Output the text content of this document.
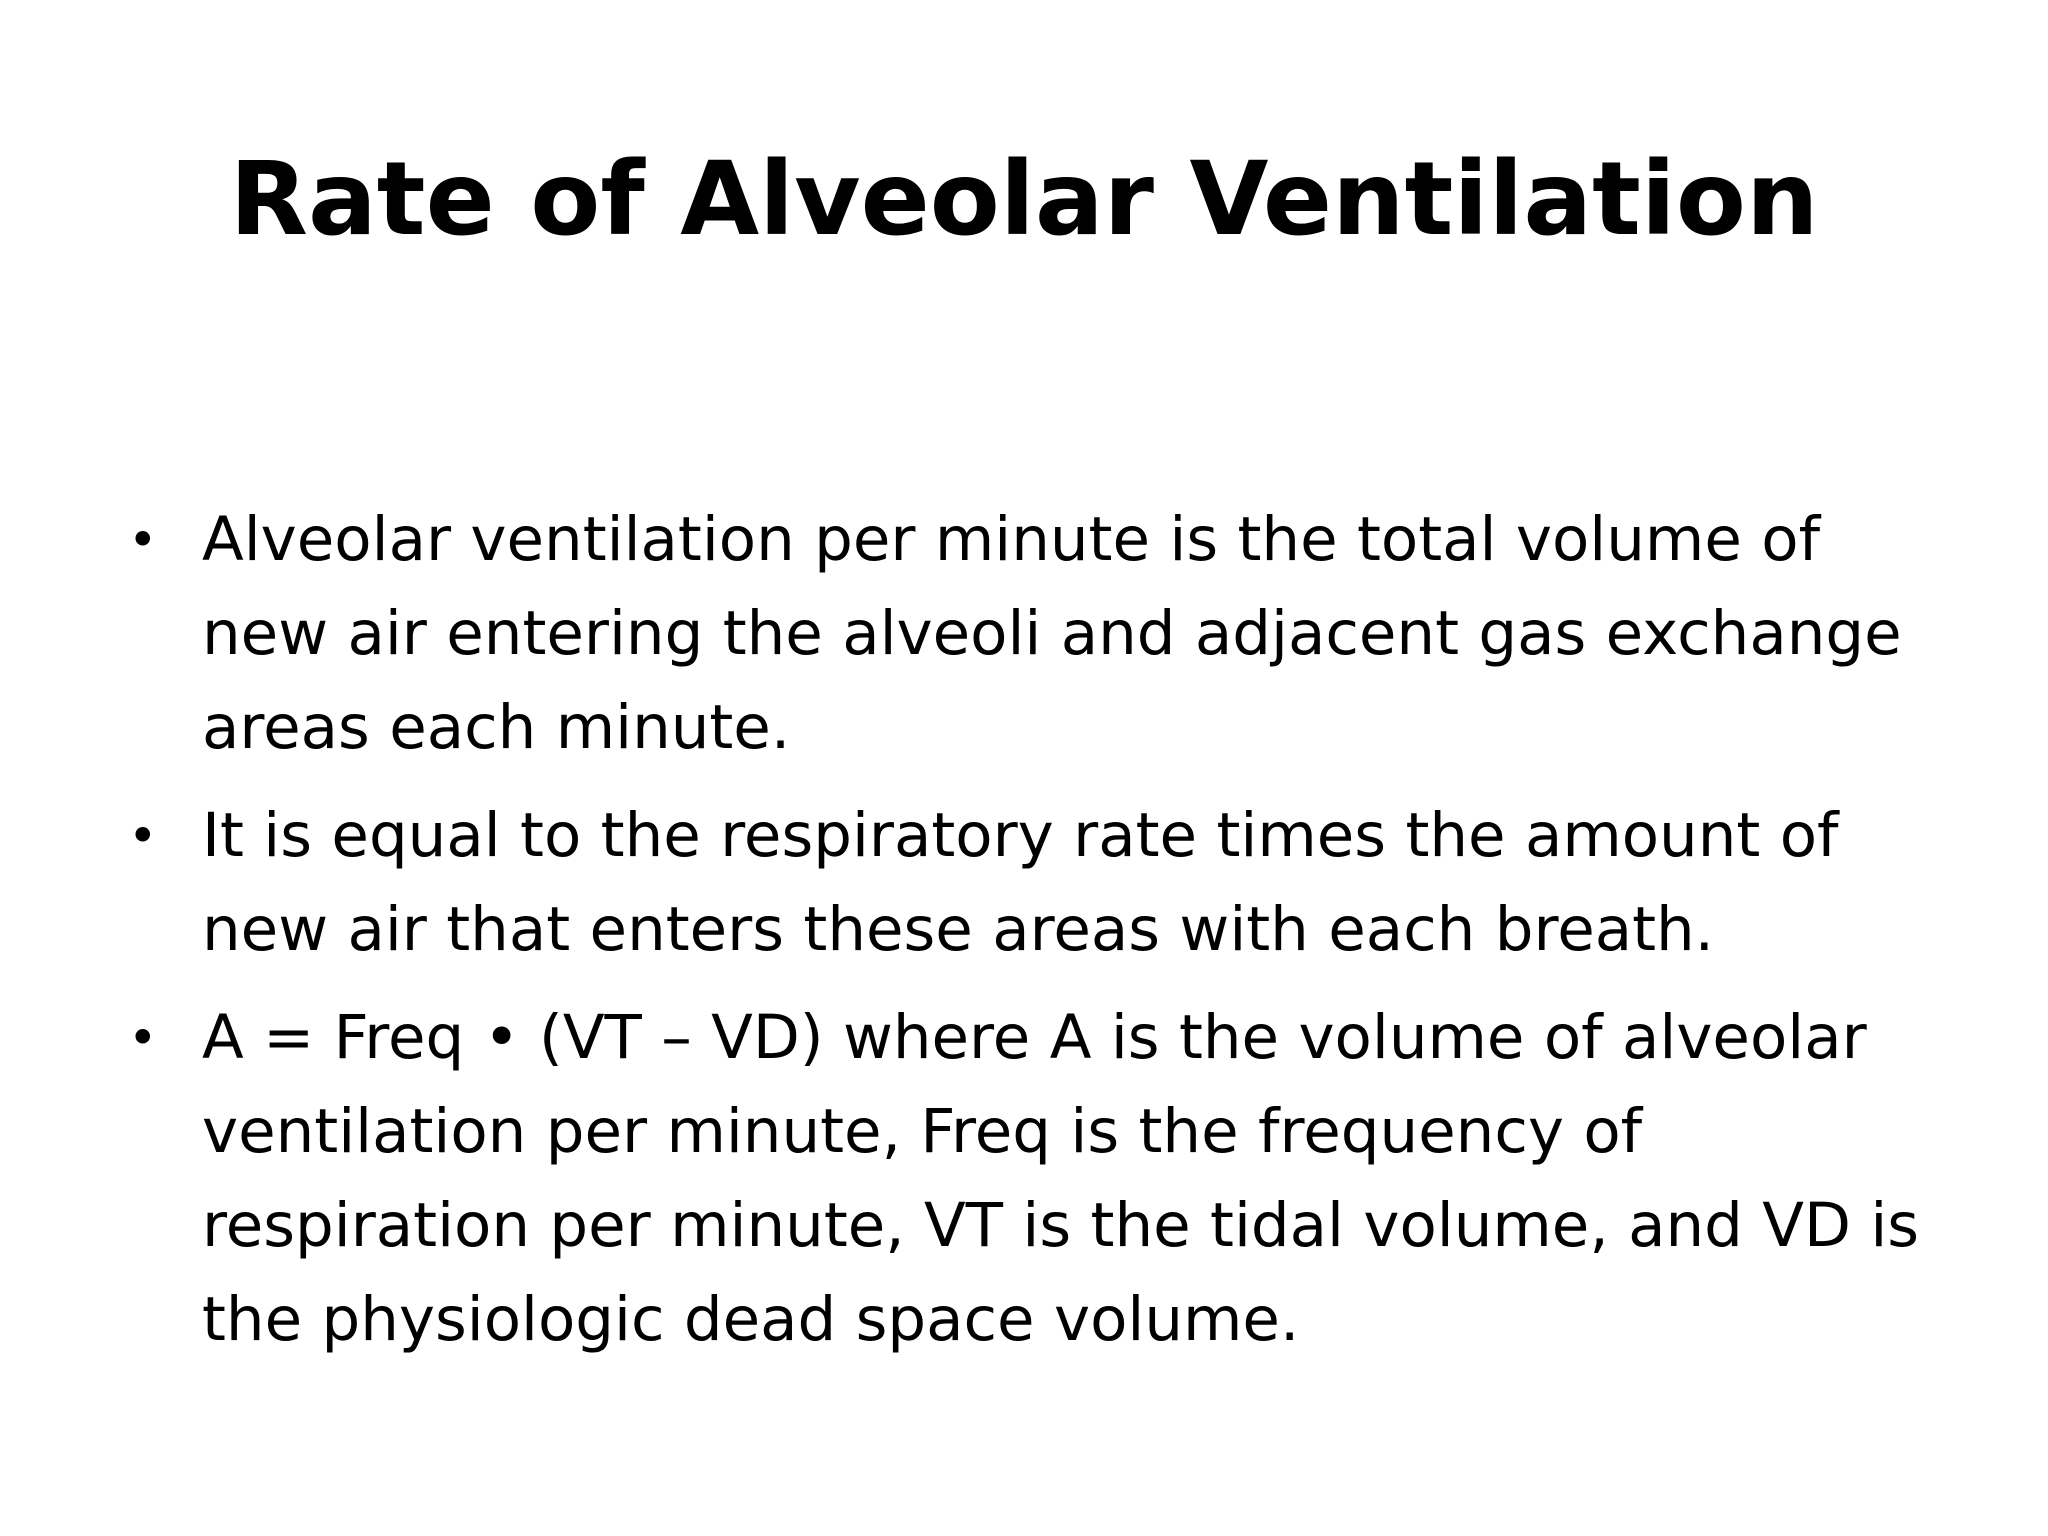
Rate of Alveolar Ventilation
• Alveolar ventilation per minute is the total volume of new air entering the alveoli and adjacent gas exchange areas each minute.
• It is equal to the respiratory rate times the amount of new air that enters these areas with each breath.
• A = Freq • (VT – VD) where A is the volume of alveolar ventilation per minute, Freq is the frequency of respiration per minute, VT is the tidal volume, and VD is the physiologic dead space volume.
